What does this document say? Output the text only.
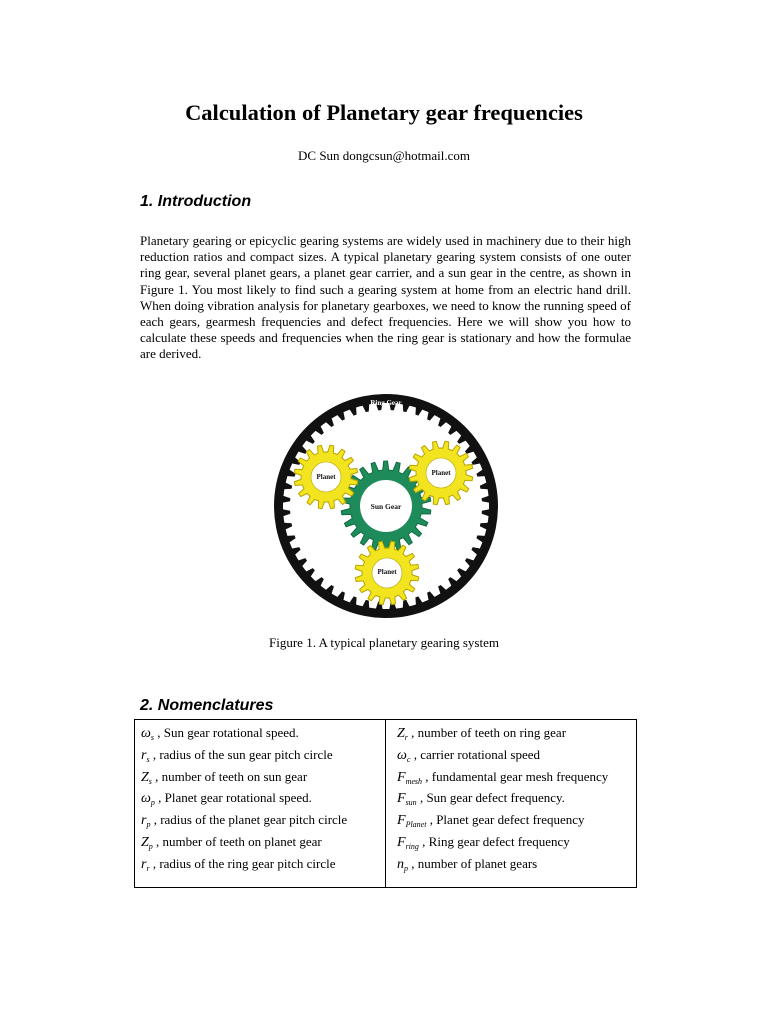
Calculation of Planetary gear frequencies
DC Sun dongcsun@hotmail.com
1. Introduction
Planetary gearing or epicyclic gearing systems are widely used in machinery due to their high reduction ratios and compact sizes. A typical planetary gearing system consists of one outer ring gear, several planet gears, a planet gear carrier, and a sun gear in the centre, as shown in Figure 1. You most likely to find such a gearing system at home from an electric hand drill. When doing vibration analysis for planetary gearboxes, we need to know the running speed of each gears, gearmesh frequencies and defect frequencies. Here we will show you how to calculate these speeds and frequencies when the ring gear is stationary and how the formulae are derived.
Ring Gear
Sun Gear
Planet	Planet
Planet
Figure 1. A typical planetary gearing system
2. Nomenclatures
$\omega_s$ , Sun gear rotational speed.
$r_s$ , radius of the sun gear pitch circle
$Z_s$ , number of teeth on sun gear
$\omega_p$ , Planet gear rotational speed.
$r_p$ , radius of the planet gear pitch circle
$Z_p$ , number of teeth on planet gear
$r_r$ , radius of the ring gear pitch circle
$Z_r$ , number of teeth on ring gear
$\omega_c$ , carrier rotational speed
$F_{mesh}$ , fundamental gear mesh frequency
$F_{sun}$ , Sun gear defect frequency.
$F_{Planet}$ , Planet gear defect frequency
$F_{ring}$ , Ring gear defect frequency
$n_p$ , number of planet gears
